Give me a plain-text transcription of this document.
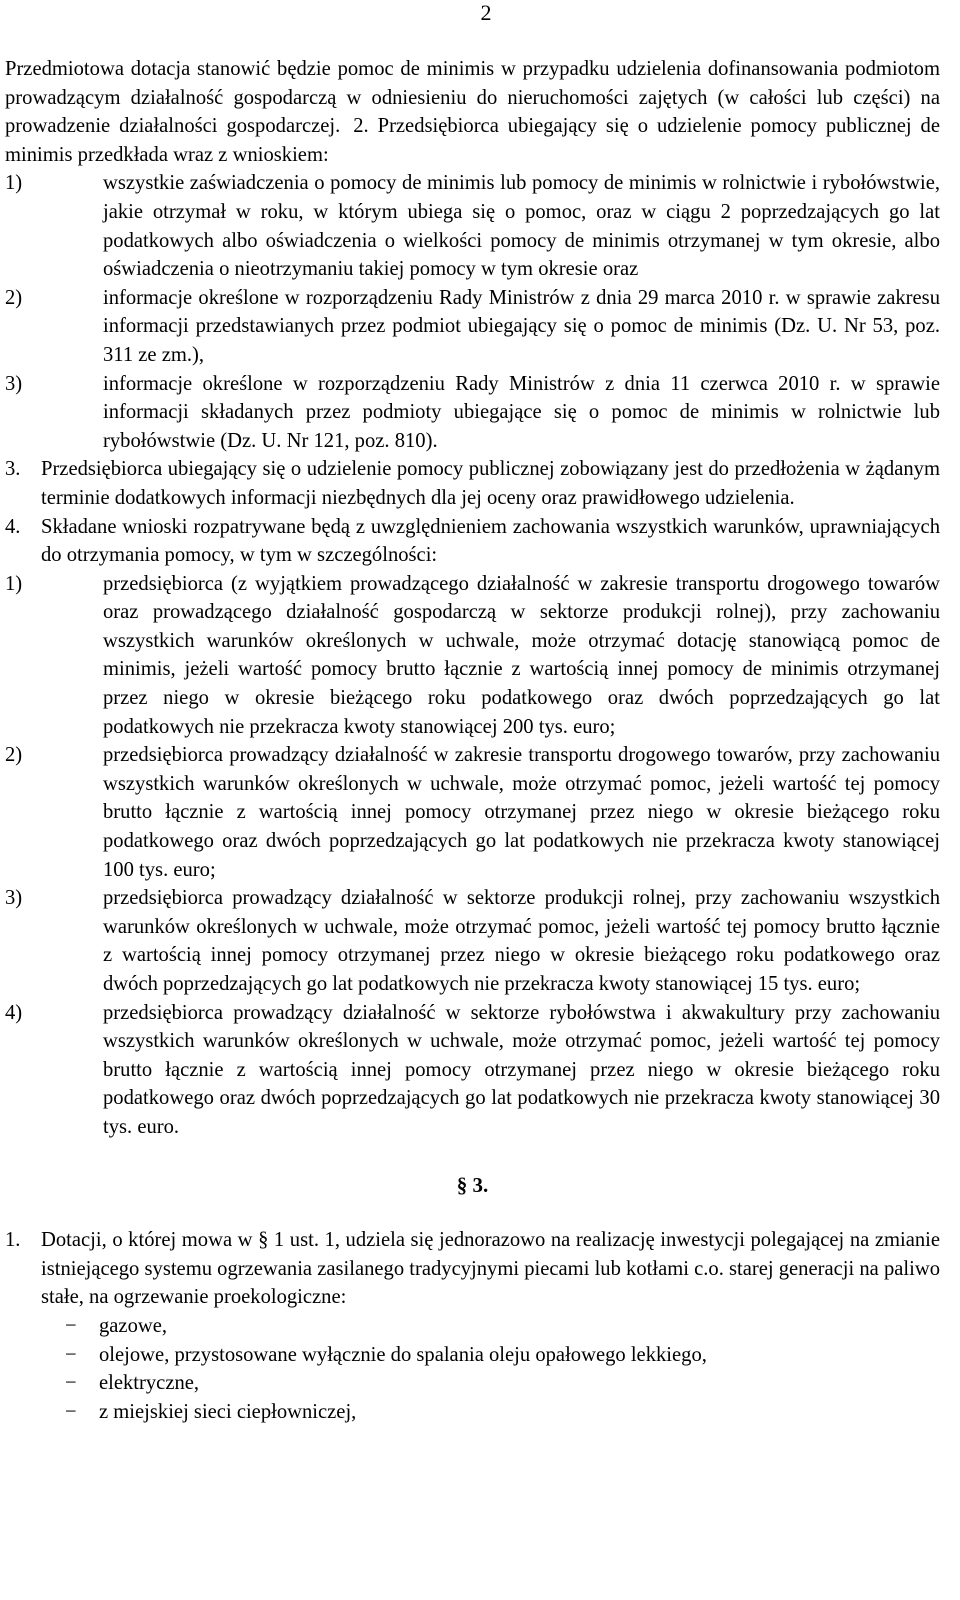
2

Przedmiotowa dotacja stanowić będzie pomoc de minimis w przypadku udzielenia dofinansowania podmiotom prowadzącym działalność gospodarczą w odniesieniu do nieruchomości zajętych (w całości lub części) na prowadzenie działalności gospodarczej. 2. Przedsiębiorca ubiegający się o udzielenie pomocy publicznej de minimis przedkłada wraz z wnioskiem:

1)	wszystkie zaświadczenia o pomocy de minimis lub pomocy de minimis w rolnictwie i rybołówstwie, jakie otrzymał w roku, w którym ubiega się o pomoc, oraz w ciągu 2 poprzedzających go lat podatkowych albo oświadczenia o wielkości pomocy de minimis otrzymanej w tym okresie, albo oświadczenia o nieotrzymaniu takiej pomocy w tym okresie oraz
2)	informacje określone w rozporządzeniu Rady Ministrów z dnia 29 marca 2010 r. w sprawie zakresu informacji przedstawianych przez podmiot ubiegający się o pomoc de minimis (Dz. U. Nr 53, poz. 311 ze zm.),
3)	informacje określone w rozporządzeniu Rady Ministrów z dnia 11 czerwca 2010 r. w sprawie informacji składanych przez podmioty ubiegające się o pomoc de minimis w rolnictwie lub rybołówstwie (Dz. U. Nr 121, poz. 810).
3. Przedsiębiorca ubiegający się o udzielenie pomocy publicznej zobowiązany jest do przedłożenia w żądanym terminie dodatkowych informacji niezbędnych dla jej oceny oraz prawidłowego udzielenia.
4. Składane wnioski rozpatrywane będą z uwzględnieniem zachowania wszystkich warunków, uprawniających do otrzymania pomocy, w tym w szczególności:
1)	przedsiębiorca (z wyjątkiem prowadzącego działalność w zakresie transportu drogowego towarów oraz prowadzącego działalność gospodarczą w sektorze produkcji rolnej), przy zachowaniu wszystkich warunków określonych w uchwale, może otrzymać dotację stanowiącą pomoc de minimis, jeżeli wartość pomocy brutto łącznie z wartością innej pomocy de minimis otrzymanej przez niego w okresie bieżącego roku podatkowego oraz dwóch poprzedzających go lat podatkowych nie przekracza kwoty stanowiącej 200 tys. euro;
2)	przedsiębiorca prowadzący działalność w zakresie transportu drogowego towarów, przy zachowaniu wszystkich warunków określonych w uchwale, może otrzymać pomoc, jeżeli wartość tej pomocy brutto łącznie z wartością innej pomocy otrzymanej przez niego w okresie bieżącego roku podatkowego oraz dwóch poprzedzających go lat podatkowych nie przekracza kwoty stanowiącej 100 tys. euro;
3)	przedsiębiorca prowadzący działalność w sektorze produkcji rolnej, przy zachowaniu wszystkich warunków określonych w uchwale, może otrzymać pomoc, jeżeli wartość tej pomocy brutto łącznie z wartością innej pomocy otrzymanej przez niego w okresie bieżącego roku podatkowego oraz dwóch poprzedzających go lat podatkowych nie przekracza kwoty stanowiącej 15 tys. euro;
4)	przedsiębiorca prowadzący działalność w sektorze rybołówstwa i akwakultury przy zachowaniu wszystkich warunków określonych w uchwale, może otrzymać pomoc, jeżeli wartość tej pomocy brutto łącznie z wartością innej pomocy otrzymanej przez niego w okresie bieżącego roku podatkowego oraz dwóch poprzedzających go lat podatkowych nie przekracza kwoty stanowiącej 30 tys. euro.
§ 3.
1. Dotacji, o której mowa w § 1 ust. 1, udziela się jednorazowo na realizację inwestycji polegającej na zmianie istniejącego systemu ogrzewania zasilanego tradycyjnymi piecami lub kotłami c.o. starej generacji na paliwo stałe, na ogrzewanie proekologiczne:
− gazowe,
− olejowe, przystosowane wyłącznie do spalania oleju opałowego lekkiego,
− elektryczne,
− z miejskiej sieci ciepłowniczej,
